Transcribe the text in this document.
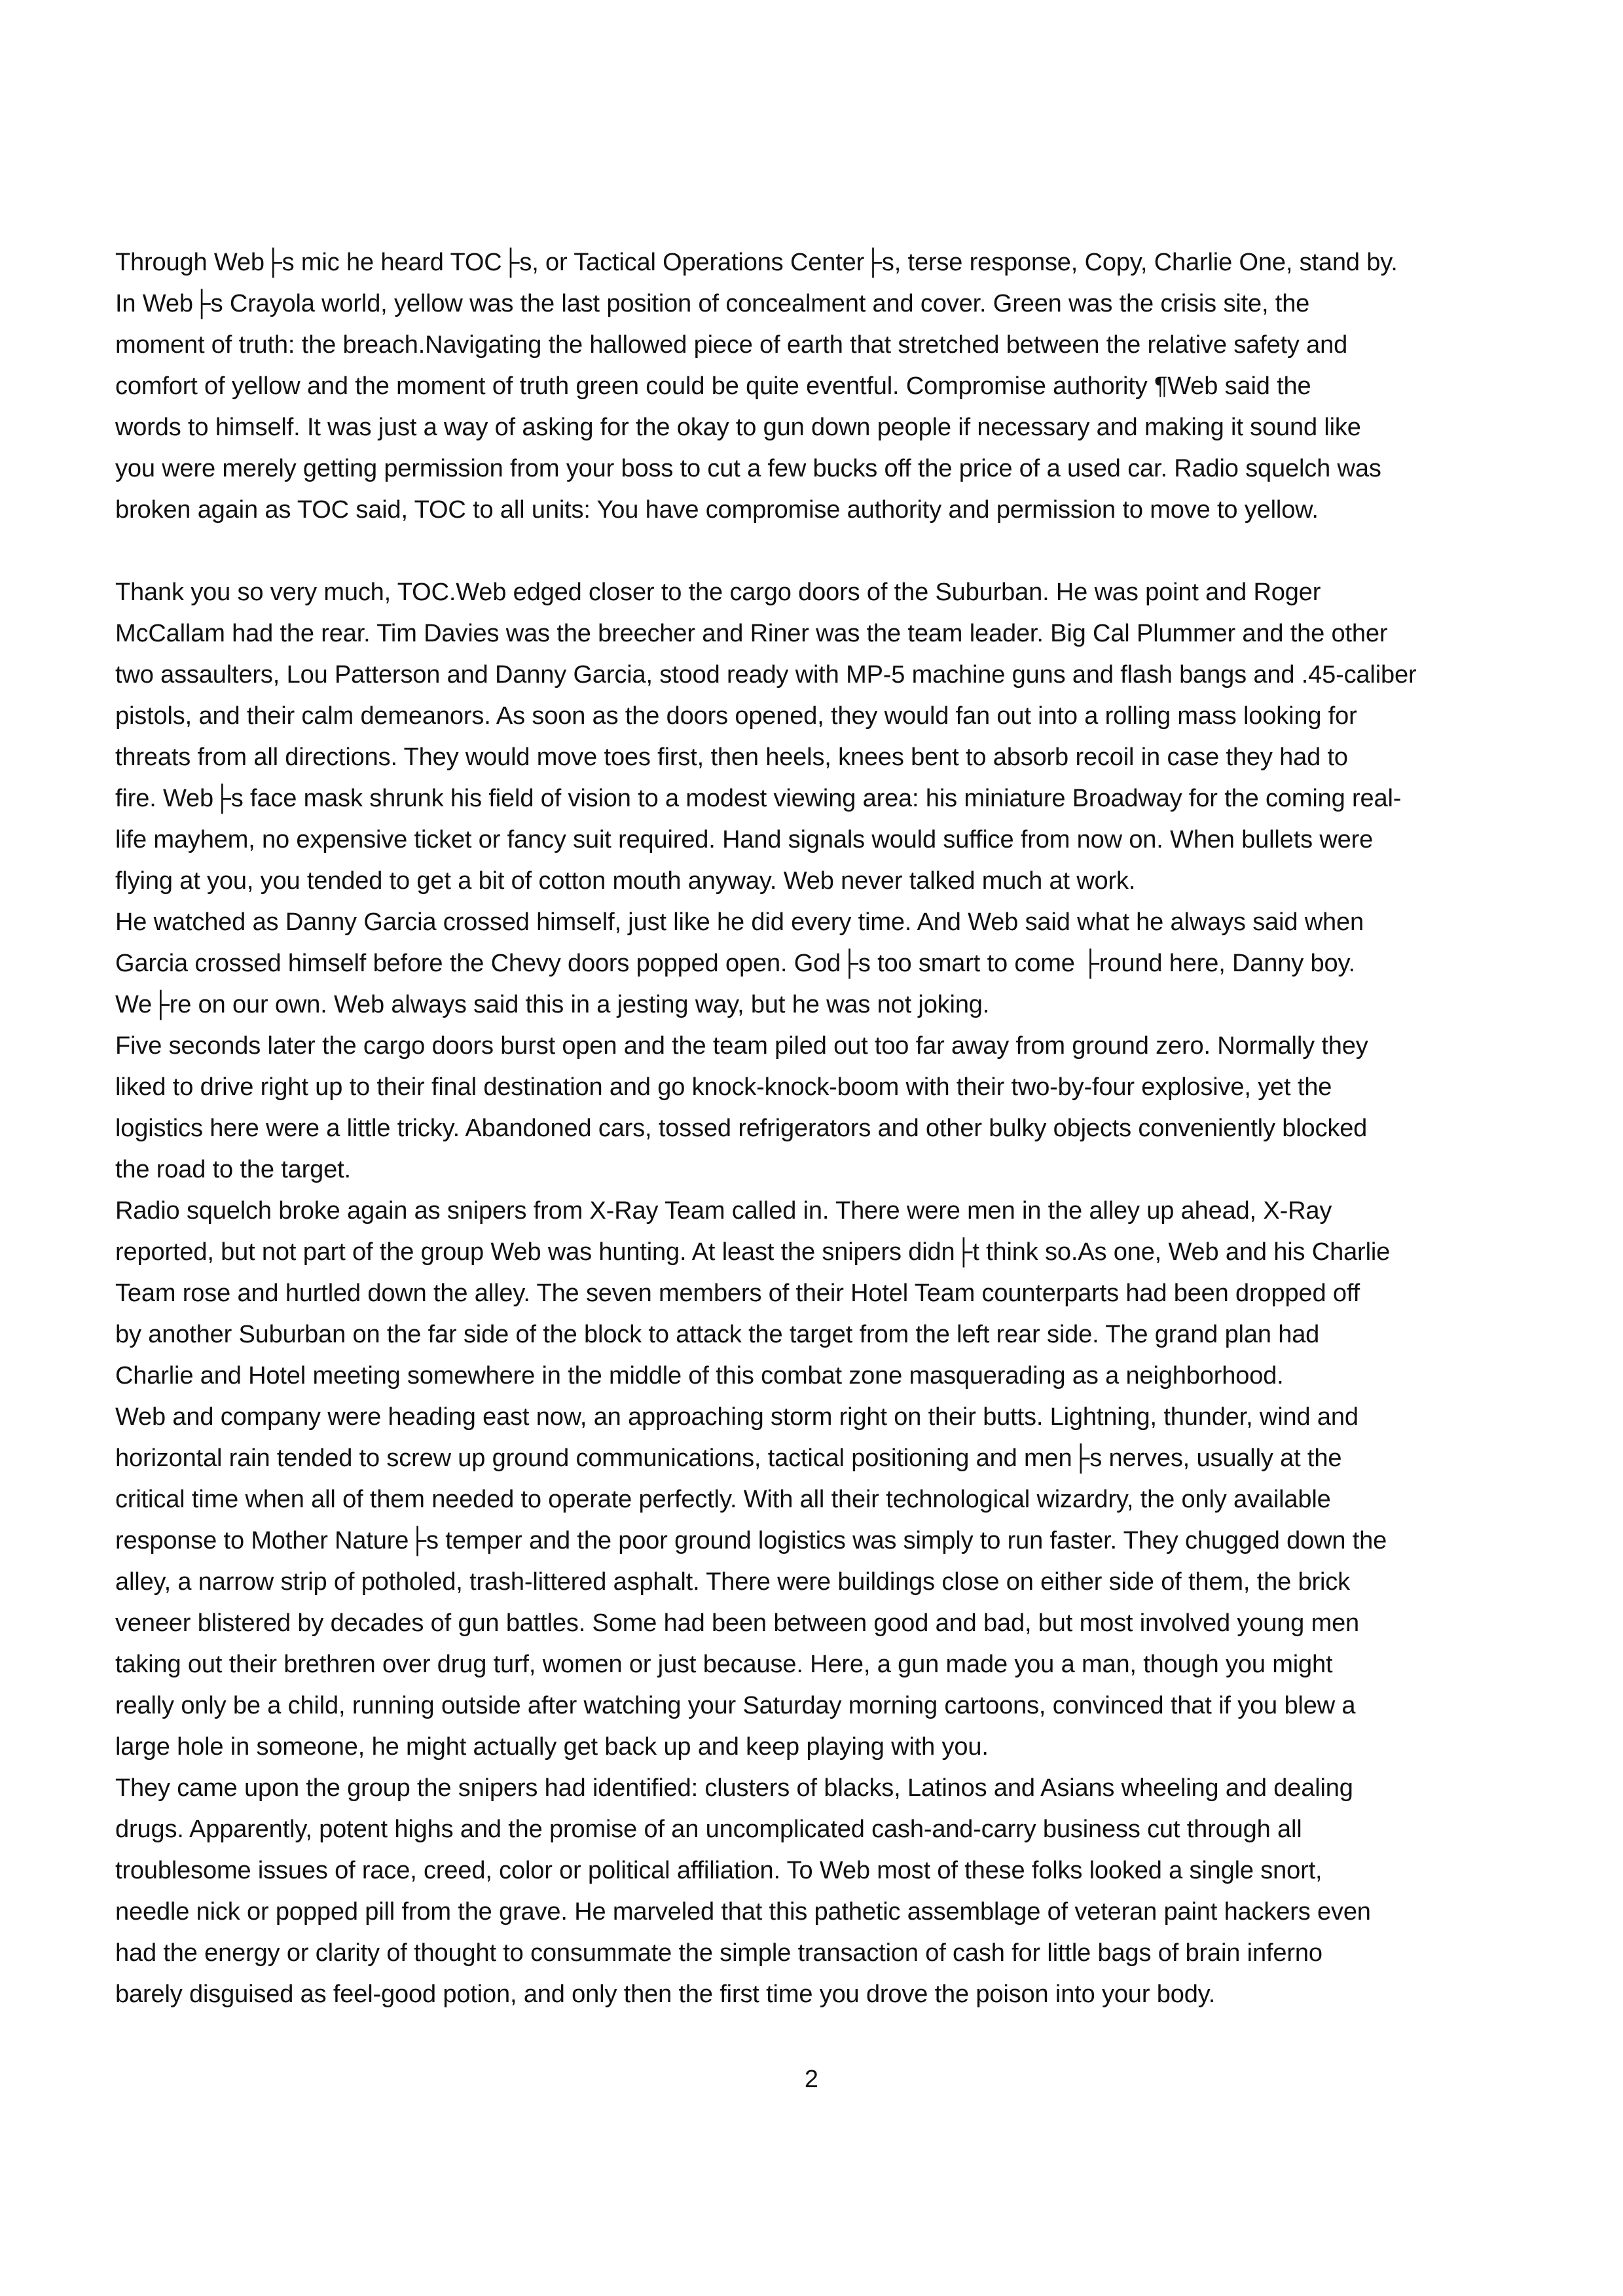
Through Web├s mic he heard TOC├s, or Tactical Operations Center├s, terse response, Copy, Charlie One, stand by.
In Web├s Crayola world, yellow was the last position of concealment and cover. Green was the crisis site, the
moment of truth: the breach.Navigating the hallowed piece of earth that stretched between the relative safety and
comfort of yellow and the moment of truth green could be quite eventful. Compromise authority ¶Web said the
words to himself. It was just a way of asking for the okay to gun down people if necessary and making it sound like
you were merely getting permission from your boss to cut a few bucks off the price of a used car. Radio squelch was
broken again as TOC said, TOC to all units: You have compromise authority and permission to move to yellow.
Thank you so very much, TOC.Web edged closer to the cargo doors of the Suburban. He was point and Roger
McCallam had the rear. Tim Davies was the breecher and Riner was the team leader. Big Cal Plummer and the other
two assaulters, Lou Patterson and Danny Garcia, stood ready with MP-5 machine guns and flash bangs and .45-caliber
pistols, and their calm demeanors. As soon as the doors opened, they would fan out into a rolling mass looking for
threats from all directions. They would move toes first, then heels, knees bent to absorb recoil in case they had to
fire. Web├s face mask shrunk his field of vision to a modest viewing area: his miniature Broadway for the coming real-
life mayhem, no expensive ticket or fancy suit required. Hand signals would suffice from now on. When bullets were
flying at you, you tended to get a bit of cotton mouth anyway. Web never talked much at work.
He watched as Danny Garcia crossed himself, just like he did every time. And Web said what he always said when
Garcia crossed himself before the Chevy doors popped open. God├s too smart to come ├round here, Danny boy.
We├re on our own. Web always said this in a jesting way, but he was not joking.
Five seconds later the cargo doors burst open and the team piled out too far away from ground zero. Normally they
liked to drive right up to their final destination and go knock-knock-boom with their two-by-four explosive, yet the
logistics here were a little tricky. Abandoned cars, tossed refrigerators and other bulky objects conveniently blocked
the road to the target.
Radio squelch broke again as snipers from X-Ray Team called in. There were men in the alley up ahead, X-Ray
reported, but not part of the group Web was hunting. At least the snipers didn├t think so.As one, Web and his Charlie
Team rose and hurtled down the alley. The seven members of their Hotel Team counterparts had been dropped off
by another Suburban on the far side of the block to attack the target from the left rear side. The grand plan had
Charlie and Hotel meeting somewhere in the middle of this combat zone masquerading as a neighborhood.
Web and company were heading east now, an approaching storm right on their butts. Lightning, thunder, wind and
horizontal rain tended to screw up ground communications, tactical positioning and men├s nerves, usually at the
critical time when all of them needed to operate perfectly. With all their technological wizardry, the only available
response to Mother Nature├s temper and the poor ground logistics was simply to run faster. They chugged down the
alley, a narrow strip of potholed, trash-littered asphalt. There were buildings close on either side of them, the brick
veneer blistered by decades of gun battles. Some had been between good and bad, but most involved young men
taking out their brethren over drug turf, women or just because. Here, a gun made you a man, though you might
really only be a child, running outside after watching your Saturday morning cartoons, convinced that if you blew a
large hole in someone, he might actually get back up and keep playing with you.
They came upon the group the snipers had identified: clusters of blacks, Latinos and Asians wheeling and dealing
drugs. Apparently, potent highs and the promise of an uncomplicated cash-and-carry business cut through all
troublesome issues of race, creed, color or political affiliation. To Web most of these folks looked a single snort,
needle nick or popped pill from the grave. He marveled that this pathetic assemblage of veteran paint hackers even
had the energy or clarity of thought to consummate the simple transaction of cash for little bags of brain inferno
barely disguised as feel-good potion, and only then the first time you drove the poison into your body.
2
